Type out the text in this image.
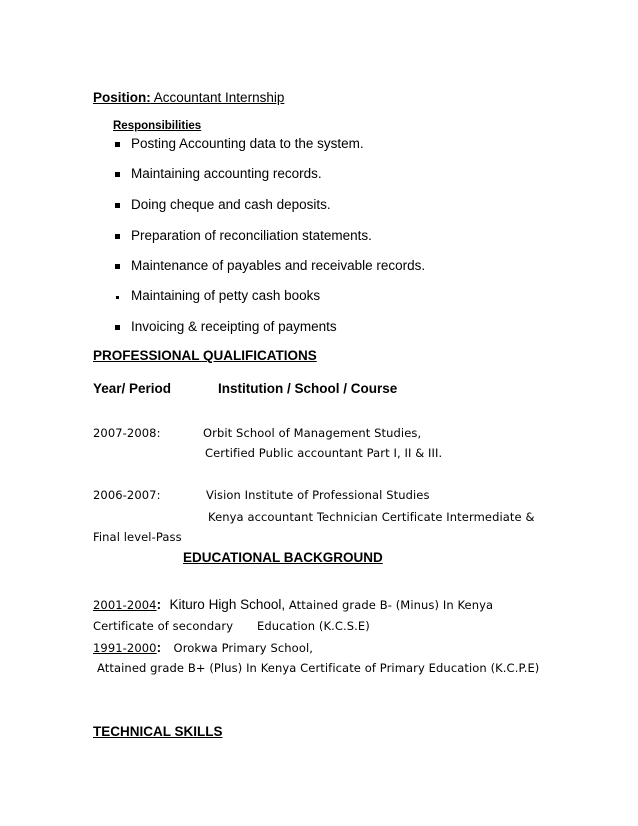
Position: Accountant Internship
Responsibilities
Posting Accounting data to the system.
Maintaining accounting records.
Doing cheque and cash deposits.
Preparation of reconciliation statements.
Maintenance of payables and receivable records.
Maintaining of petty cash books
Invoicing & receipting of payments
PROFESSIONAL QUALIFICATIONS
Year/ Period	Institution / School / Course
2007-2008:	Orbit School of Management Studies,
Certified Public accountant Part I, II & III.
2006-2007:	Vision Institute of Professional Studies
Kenya accountant Technician Certificate Intermediate &
Final level-Pass
EDUCATIONAL BACKGROUND
2001-2004: Kituro High School, Attained grade B- (Minus) In Kenya
Certificate of secondary Education (K.C.S.E)
1991-2000: Orokwa Primary School,
Attained grade B+ (Plus) In Kenya Certificate of Primary Education (K.C.P.E)
TECHNICAL SKILLS
